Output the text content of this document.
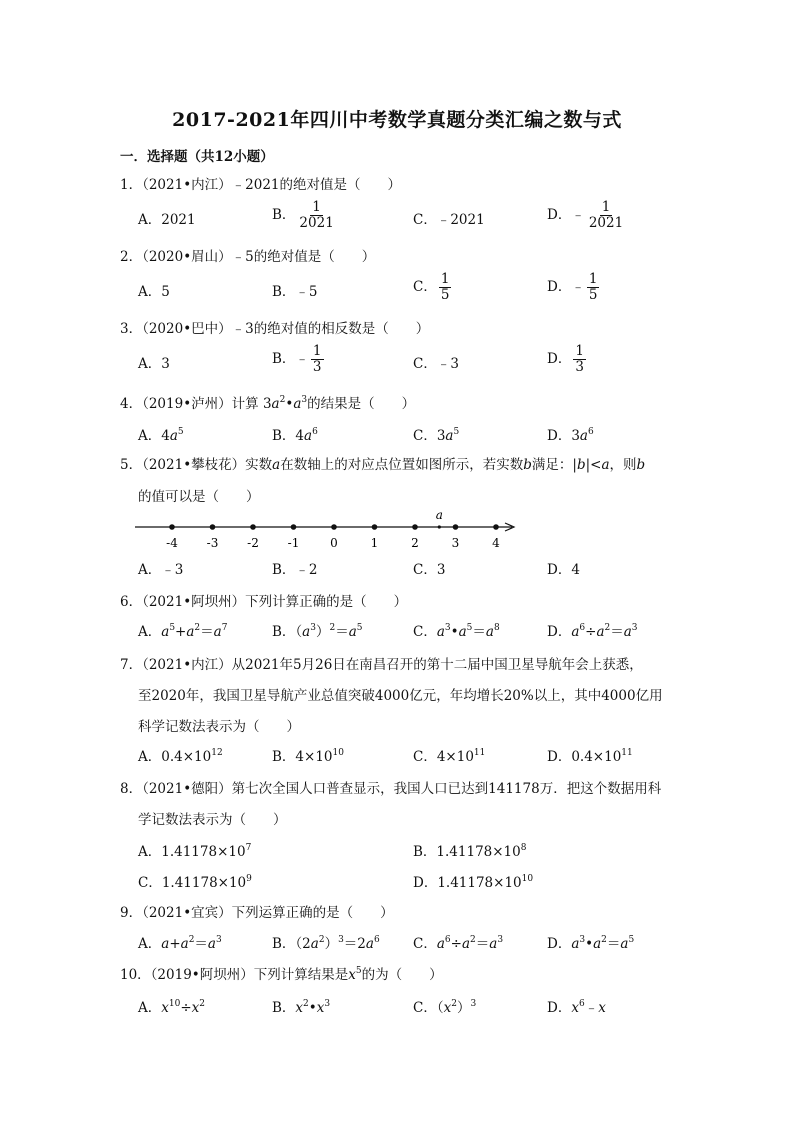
2017-2021年四川中考数学真题分类汇编之数与式
一．选择题（共12小题）
1．（2021•内江）﹣2021的绝对值是（　　）
A．2021	B． $\frac{1}{2021}$	C．﹣2021	D．﹣ $\frac{1}{2021}$
2．（2020•眉山）﹣5的绝对值是（　　）
A．5	B．﹣5	C． $\frac{1}{5}$	D．﹣ $\frac{1}{5}$
3．（2020•巴中）﹣3的绝对值的相反数是（　　）
A．3	B．﹣ $\frac{1}{3}$	C．﹣3	D． $\frac{1}{3}$
4．（2019•泸州）计算 $3a^2•a^3$的结果是（　　）
A．$4a^5$	B．$4a^6$	C．$3a^5$	D．$3a^6$
5．（2021•攀枝花）实数a在数轴上的对应点位置如图所示，若实数b满足：|b|<a，则b
的值可以是（　　）
-4 -3 -2 -1	0	1	2	3	4
a
A．﹣3	B．﹣2	C．3	D．4
6．（2021•阿坝州）下列计算正确的是（　　）
A．$a^5+a^2=a^7$	B．$(a^3)^2=a^5$	C．$a^3•a^5=a^8$	D．$a^6\div a^2=a^3$
7．（2021•内江）从2021年5月26日在南昌召开的第十二届中国卫星导航年会上获悉，
至2020年，我国卫星导航产业总值突破4000亿元，年均增长20%以上，其中4000亿用
科学记数法表示为（　　）
A．$0.4\times 10^{12}$	B．$4\times 10^{10}$	C．$4\times 10^{11}$	D．$0.4\times 10^{11}$
8．（2021•德阳）第七次全国人口普查显示，我国人口已达到141178万．把这个数据用科
学记数法表示为（　　）
A．$1.41178\times 10^7$	B．$1.41178\times 10^8$
C．$1.41178\times 10^9$	D．$1.41178\times 10^{10}$
9．（2021•宜宾）下列运算正确的是（　　）
A．$a+a^2=a^3$	B．$(2a^2)^3=2a^6$ C．$a^6\div a^2=a^3$	D．$a^3•a^2=a^5$
10．（2019•阿坝州）下列计算结果是$x^5$的为（　　）
A．$x^{10}\div x^2$	B．$x^2•x^3$	C．$(x^2)^3$	D．$x^6﹣x$
